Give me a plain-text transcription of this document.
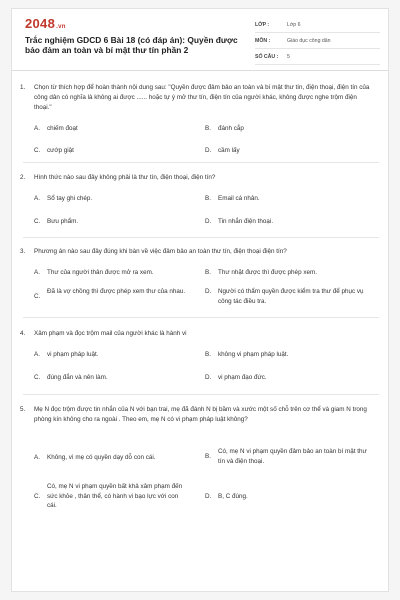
2048.vn
Trắc nghiệm GDCD 6 Bài 18 (có đáp án): Quyền được bảo đảm an toàn và bí mật thư tín phần 2
LỚP :	Lớp 6
MÔN :	Giáo dục công dân
SỐ CÂU :	5
1. Chọn từ thích hợp để hoàn thành nội dung sau: "Quyền được đảm bảo an toàn và bí mật thư tín, điện thoại, điện tín của công dân có nghĩa là không ai được ...... hoặc tự ý mở thư tín, điện tín của người khác, không được nghe trộm điện thoại."
A. chiếm đoạt	B. đánh cắp
C. cướp giật	D. cầm lấy
2. Hình thức nào sau đây không phải là thư tín, điện thoại, điện tín?
A. Sổ tay ghi chép.	B. Email cá nhân.
C. Bưu phẩm.	D. Tin nhắn điện thoại.
3. Phương án nào sau đây đúng khi bàn về việc đảm bảo an toàn thư tín, điện thoại điện tín?
A. Thư của người thân được mở ra xem.	B. Thư nhặt được thì được phép xem.
C.
Đã là vợ chồng thì được phép xem thư của nhau.	D. Người có thẩm quyền được kiểm tra thư để phục vụ công tác điều tra.
4. Xâm phạm và đọc trộm mail của người khác là hành vi
A. vi phạm pháp luật.	B. không vi phạm pháp luật.
C. đúng đắn và nên làm.	D. vi phạm đạo đức.
5. Mẹ N đọc trộm được tin nhắn của N với bạn trai, mẹ đã đánh N bị bầm và xước một số chỗ trên cơ thể và giam N trong phòng kín không cho ra ngoài . Theo em, mẹ N có vi phạm pháp luật không?
A. Không, vì mẹ có quyền dạy dỗ con cái.	B.
Có, mẹ N vi phạm quyền đảm bảo an toàn bí mật thư tín và điện thoại.
C.
Có, mẹ N vi phạm quyền bất khả xâm phạm đến sức khỏe , thân thể, có hành vi bạo lực với con cái.
D. B, C đúng.
